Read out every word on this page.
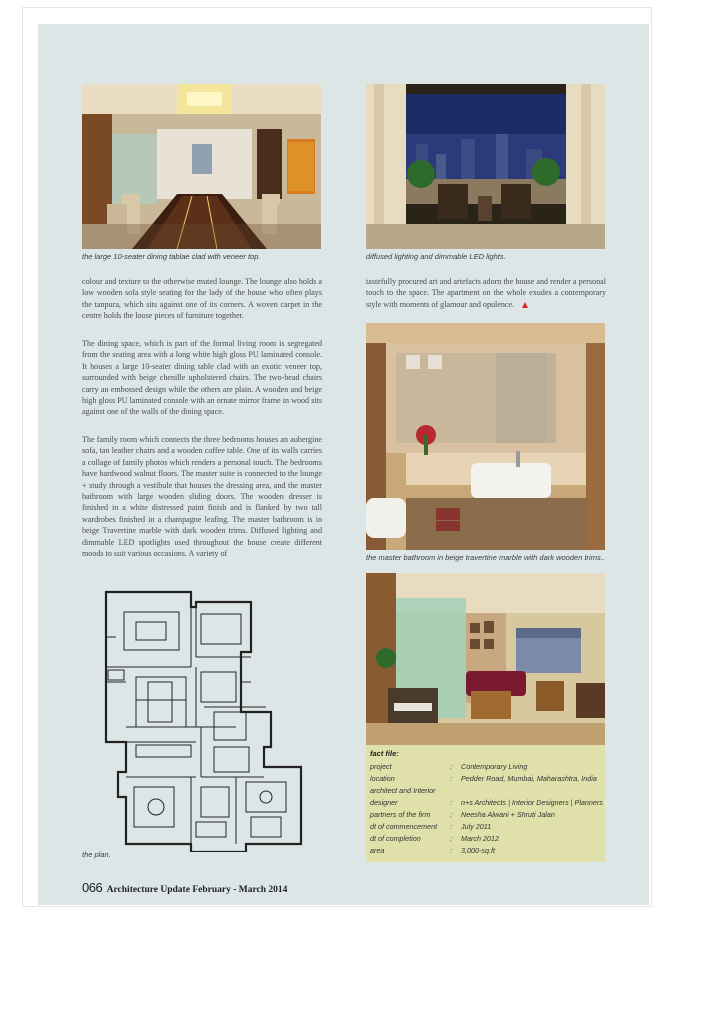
the large 10-seater dining tablae clad with veneer top.	diffused lighting and dimmable LED lights.

colour and texture to the otherwise muted lounge. The lounge also holds a low wooden sofa style seating for the lady of the house who often plays the tanpura, which sits against one of its corners. A woven carpet in the centre holds the loose pieces of furniture together.

The dining space, which is part of the formal living room is segregated from the seating area with a long white high gloss PU laminated console. It houses a large 10-seater dining table clad with an exotic veneer top, surrounded with beige chenille upholstered chairs. The two-head chairs carry an embossed design while the others are plain. A wooden and beige high gloss PU laminated console with an ornate mirror frame in wood sits against one of the walls of the dining space.

The family room which connects the three bedrooms houses an aubergine sofa, tan leather chairs and a wooden coffee table. One of its walls carries a collage of family photos which renders a personal touch. The bedrooms have hardwood walnut floors. The master suite is connected to the lounge + study through a vestibule that houses the dressing area, and the master bathroom with large wooden sliding doors. The wooden dresser is finished in a white distressed paint finish and is flanked by two tall wardrobes finished in a champagne leafing. The master bathroom is in beige Travertine marble with dark wooden trims. Diffused lighting and dimmable LED spotlights used throughout the house create different moods to suit various occasions. A variety of

tastefully procured art and artefacts adorn the house and render a personal touch to the space. The apartment on the whole exudes a contemporary style with moments of glamour and opulence.

the master bathroom in beige travertine marble with dark wooden trims..
fact file:
project	: Contemporary Living
location	: Pedder Road, Mumbai, Maharashtra, India
architect and Interior
designer	: n+s Architects | Interior Designers | Planners
partners of the firm	: Neesha Alwani + Shruti Jalan
dt of commencement : July 2011
dt of completion	: March 2012
area	: 3,000-sq.ft
the plan.
066 Architecture Update February - March 2014
